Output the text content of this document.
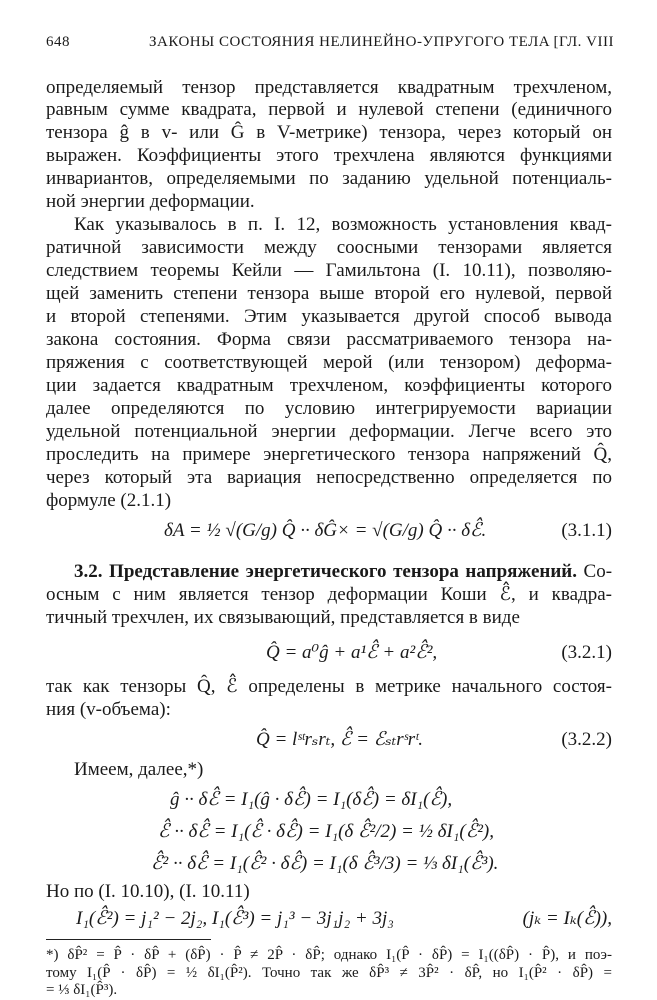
648	ЗАКОНЫ СОСТОЯНИЯ НЕЛИНЕЙНО-УПРУГОГО ТЕЛА [ГЛ. VIII
определяемый тензор представляется квадратным трехчленом,
равным сумме квадрата, первой и нулевой степени (единичного
тензора ĝ в v- или Ĝ в V-метрике) тензора, через который он
выражен. Коэффициенты этого трехчлена являются функциями
инвариантов, определяемыми по заданию удельной потенциаль-
ной энергии деформации.
Как указывалось в п. I. 12, возможность установления квад-
ратичной зависимости между соосными тензорами является
следствием теоремы Кейли — Гамильтона (I. 10.11), позволяю-
щей заменить степени тензора выше второй его нулевой, первой
и второй степенями. Этим указывается другой способ вывода
закона состояния. Форма связи рассматриваемого тензора на-
пряжения с соответствующей мерой (или тензором) деформа-
ции задается квадратным трехчленом, коэффициенты которого
далее определяются по условию интегрируемости вариации
удельной потенциальной энергии деформации. Легче всего это
проследить на примере энергетического тензора напряжений Q̂,
через который эта вариация непосредственно определяется по
формуле (2.1.1)
δA = ½ √(G/g) Q̂ ·· δĜ× = √(G/g) Q̂ ·· δℰ̂.	(3.1.1)
3.2. Представление энергетического тензора напряжений. Со-
осным с ним является тензор деформации Коши ℰ̂, и квадра-
тичный трехчлен, их связывающий, представляется в виде
Q̂ = a⁰ĝ + a¹ℰ̂ + a²ℰ̂²,	(3.2.1)
так как тензоры Q̂, ℰ̂ определены в метрике начального состоя-
ния (v-объема):
Q̂ = lˢᵗrₛrₜ, ℰ̂ = ℰₛₜrˢrᵗ.	(3.2.2)
Имеем, далее,*)
ĝ ·· δℰ̂ = I₁(ĝ · δℰ̂) = I₁(δℰ̂) = δI₁(ℰ̂),
ℰ̂ ·· δℰ̂ = I₁(ℰ̂ · δℰ̂) = I₁(δ ℰ̂²/2) = ½ δI₁(ℰ̂²),
ℰ̂² ·· δℰ̂ = I₁(ℰ̂² · δℰ̂) = I₁(δ ℰ̂³/3) = ⅓ δI₁(ℰ̂³).
Но по (I. 10.10), (I. 10.11)
I₁(ℰ̂²) = j₁² − 2j₂, I₁(ℰ̂³) = j₁³ − 3j₁j₂ + 3j₃	(jₖ = Iₖ(ℰ̂)),
*) δP̂² = P̂ · δP̂ + (δP̂) · P̂ ≠ 2P̂ · δP̂; однако I₁(P̂ · δP̂) = I₁((δP̂) · P̂), и поэ-
тому I₁(P̂ · δP̂) = ½ δI₁(P̂²). Точно так же δP̂³ ≠ 3P̂² · δP̂, но I₁(P̂² · δP̂) =
= ⅓ δI₁(P̂³).
